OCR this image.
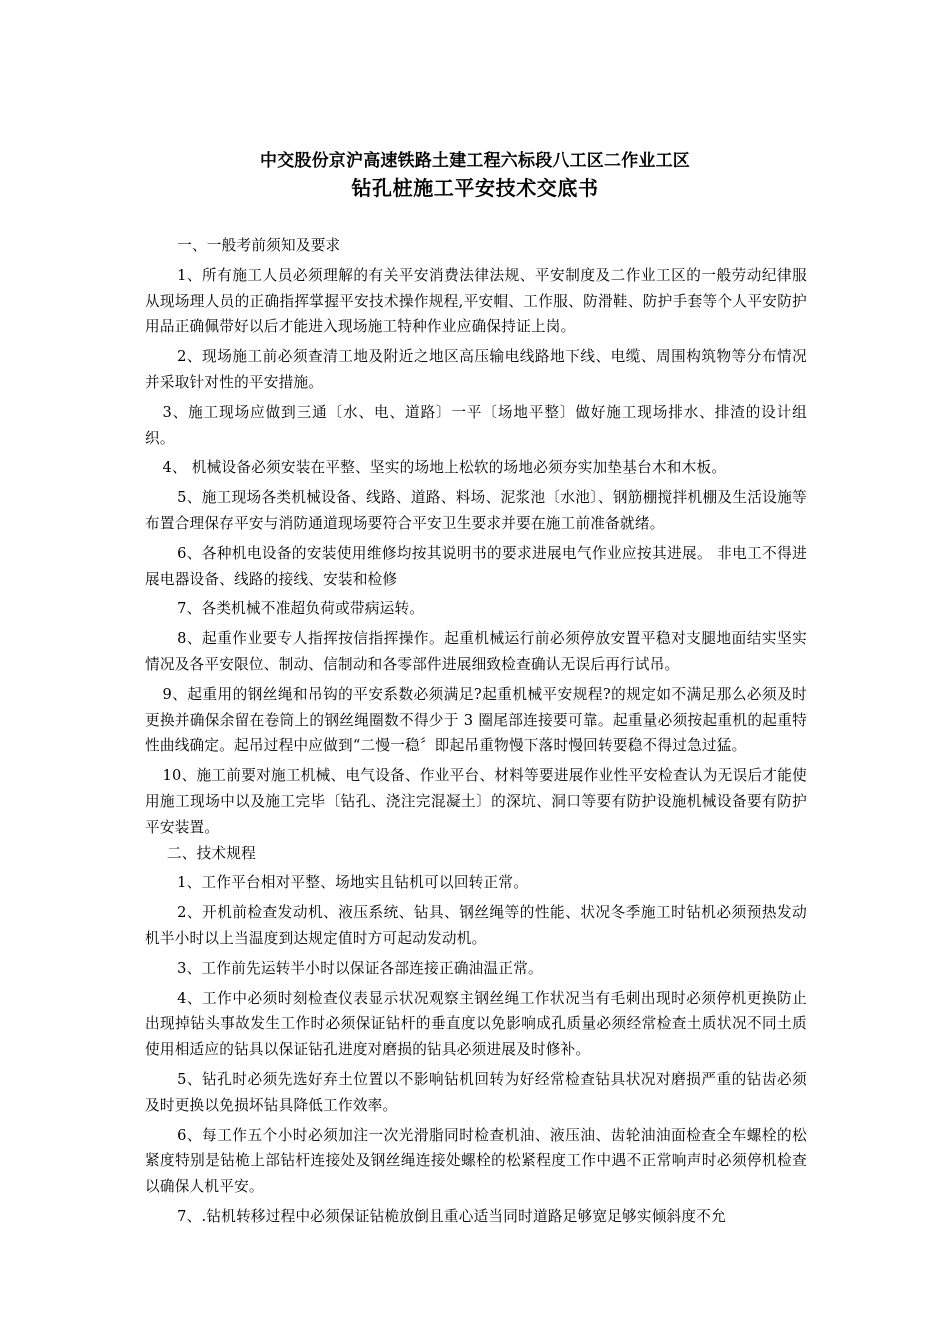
中交股份京沪高速铁路土建工程六标段八工区二作业工区
钻孔桩施工平安技术交底书

一、一般考前须知及要求

1、所有施工人员必须理解的有关平安消费法律法规、平安制度及二作业工区的一般劳动纪律服从现场理人员的正确指挥掌握平安技术操作规程,平安帽、工作服、防滑鞋、防护手套等个人平安防护用品正确佩带好以后才能进入现场施工特种作业应确保持证上岗。

2、现场施工前必须查清工地及附近之地区高压输电线路地下线、电缆、周围构筑物等分布情况并采取针对性的平安措施。

3、施工现场应做到三通〔水、电、道路〕一平〔场地平整〕做好施工现场排水、排渣的设计组织。

4、 机械设备必须安装在平整、坚实的场地上松软的场地必须夯实加垫基台木和木板。

5、施工现场各类机械设备、线路、道路、料场、泥浆池〔水池〕、钢筋棚搅拌机棚及生活设施等布置合理保存平安与消防通道现场要符合平安卫生要求并要在施工前准备就绪。

6、各种机电设备的安装使用维修均按其说明书的要求进展电气作业应按其进展。 非电工不得进展电器设备、线路的接线、安装和检修

7、各类机械不准超负荷或带病运转。

8、起重作业要专人指挥按信指挥操作。起重机械运行前必须停放安置平稳对支腿地面结实坚实情况及各平安限位、制动、信制动和各零部件进展细致检查确认无误后再行试吊。

9、起重用的钢丝绳和吊钩的平安系数必须满足?起重机械平安规程?的规定如不满足那么必须及时更换并确保余留在卷筒上的钢丝绳圈数不得少于 3 圈尾部连接要可靠。起重量必须按起重机的起重特性曲线确定。起吊过程中应做到“二慢一稳〞即起吊重物慢下落时慢回转要稳不得过急过猛。

10、施工前要对施工机械、电气设备、作业平台、材料等要进展作业性平安检查认为无误后才能使用施工现场中以及施工完毕〔钻孔、浇注完混凝土〕的深坑、洞口等要有防护设施机械设备要有防护平安装置。

二、技术规程

1、工作平台相对平整、场地实且钻机可以回转正常。

2、开机前检查发动机、液压系统、钻具、钢丝绳等的性能、状况冬季施工时钻机必须预热发动机半小时以上当温度到达规定值时方可起动发动机。

3、工作前先运转半小时以保证各部连接正确油温正常。

4、工作中必须时刻检查仪表显示状况观察主钢丝绳工作状况当有毛刺出现时必须停机更换防止出现掉钻头事故发生工作时必须保证钻杆的垂直度以免影响成孔质量必须经常检查土质状况不同土质使用相适应的钻具以保证钻孔进度对磨损的钻具必须进展及时修补。

5、钻孔时必须先选好弃土位置以不影响钻机回转为好经常检查钻具状况对磨损严重的钻齿必须及时更换以免损坏钻具降低工作效率。

6、每工作五个小时必须加注一次光滑脂同时检查机油、液压油、齿轮油油面检查全车螺栓的松紧度特别是钻桅上部钻杆连接处及钢丝绳连接处螺栓的松紧程度工作中遇不正常响声时必须停机检查以确保人机平安。

7、.钻机转移过程中必须保证钻桅放倒且重心适当同时道路足够宽足够实倾斜度不允
